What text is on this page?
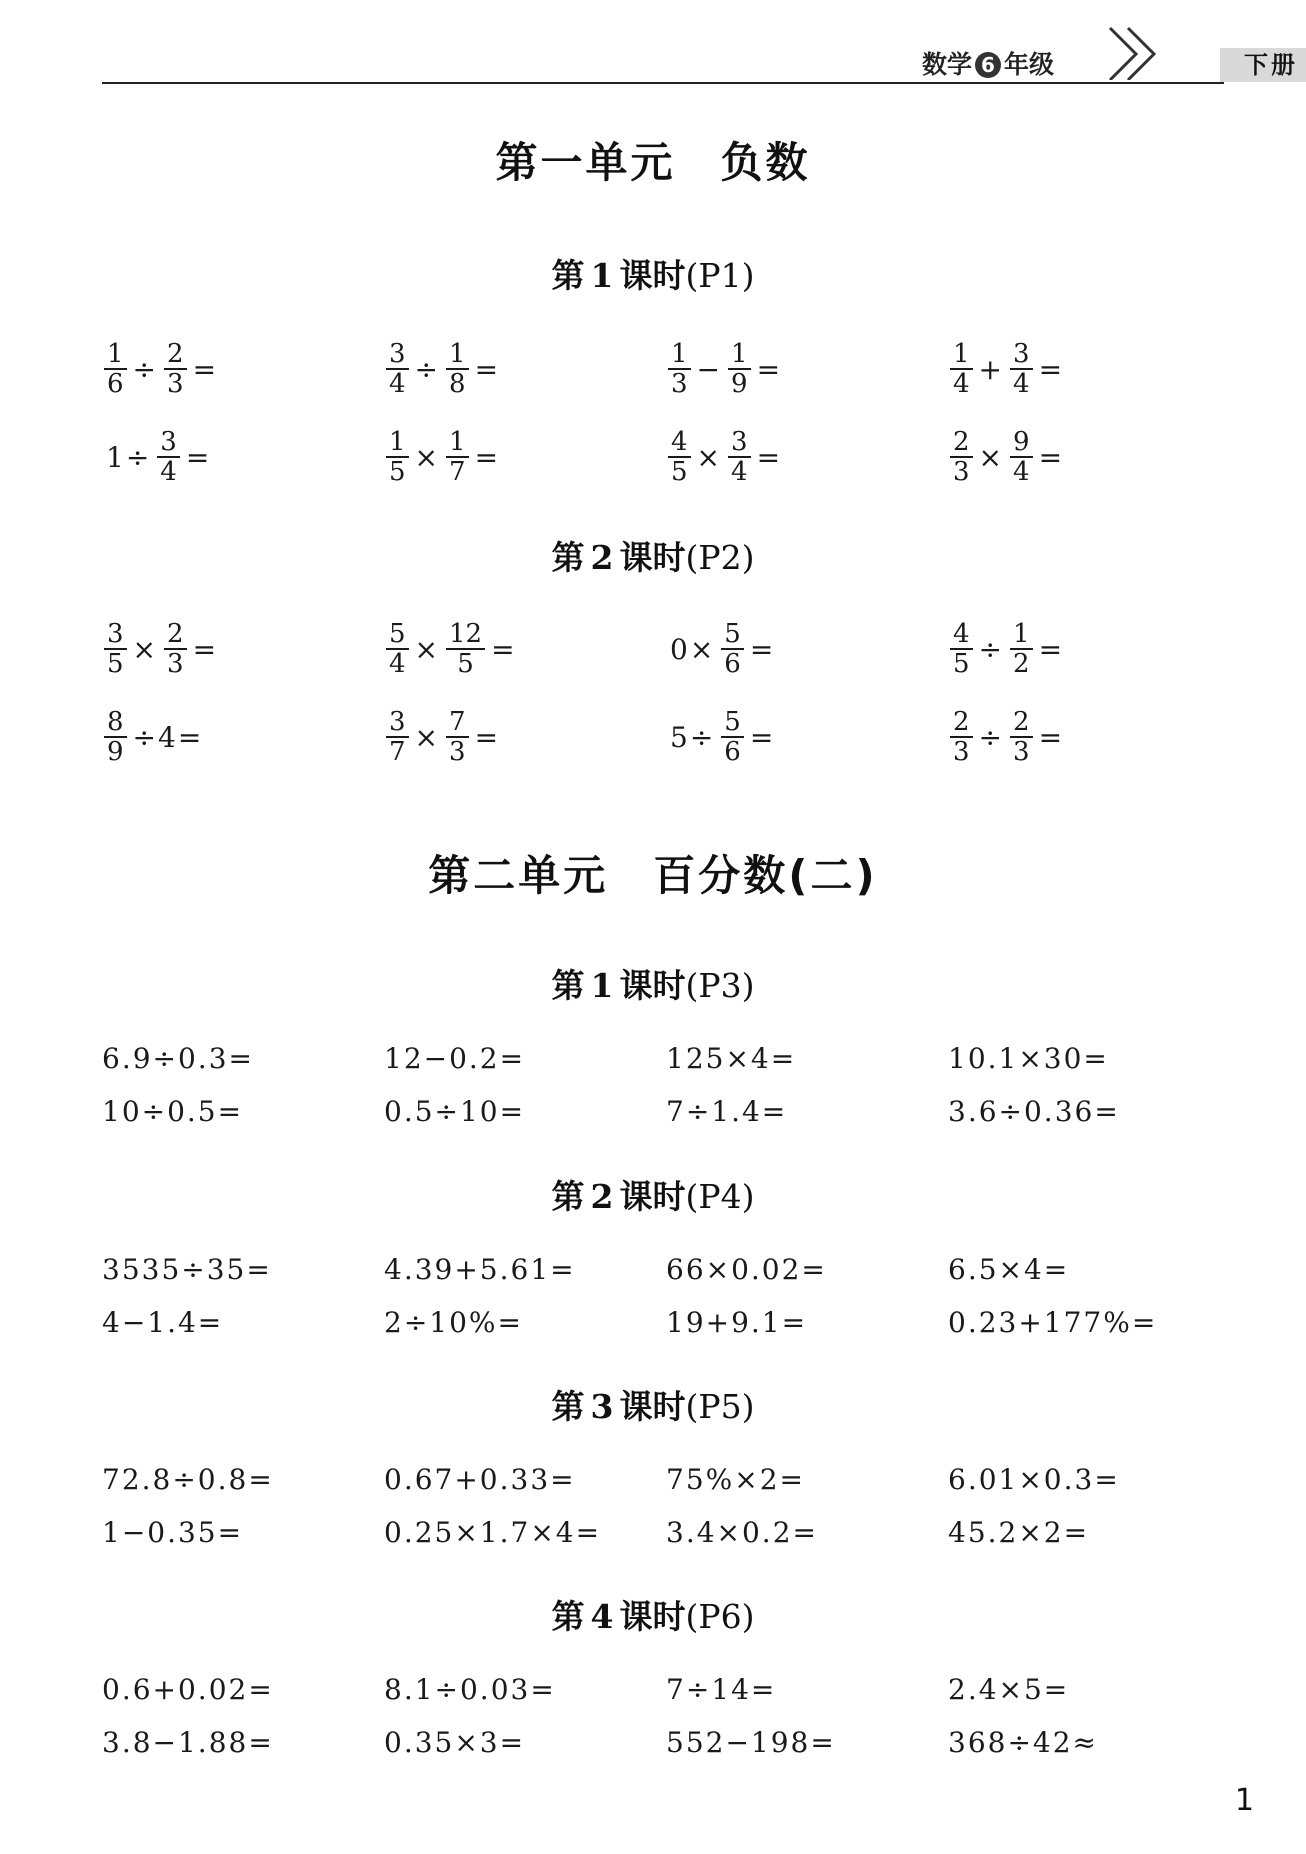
数学 6 年级	下册
第一单元　负数
第 1 课时(P1)
$\frac{1}{6} \div \frac{2}{3}$ =	$\frac{3}{4} \div \frac{1}{8}$ =	$\frac{1}{3} - \frac{1}{9}$ =	$\frac{1}{4} + \frac{3}{4}$ =
$1\div \frac{3}{4}$ =	$\frac{1}{5} \times \frac{1}{7}$ =	$\frac{4}{5} \times \frac{3}{4}$ =	$\frac{2}{3} \times \frac{9}{4}$ =
第 2 课时(P2)
$\frac{3}{5} \times \frac{2}{3}$ =	$\frac{5}{4} \times \frac{12}{5}$ =	$0\times \frac{5}{6}$ =	$\frac{4}{5} \div \frac{1}{2}$ =
$\frac{8}{9} \div 4=$	$\frac{3}{7} \times \frac{7}{3}$ =	$5\div \frac{5}{6}$ =	$\frac{2}{3} \div \frac{2}{3}$ =
第二单元　百分数(二)
第 1 课时(P3)
6.9÷0.3=	12−0.2=	125×4=	10.1×30=
10÷0.5=	0.5÷10=	7÷1.4=	3.6÷0.36=
第 2 课时(P4)
3535÷35=	4.39+5.61=	66×0.02=	6.5×4=
4−1.4=	2÷10%=	19+9.1=	0.23+177%=
第 3 课时(P5)
72.8÷0.8=	0.67+0.33=	75%×2=	6.01×0.3=
1−0.35=	0.25×1.7×4= 3.4×0.2=	45.2×2=
第 4 课时(P6)
0.6+0.02=	8.1÷0.03=	7÷14=	2.4×5=
3.8−1.88=	0.35×3=	552−198=	368÷42≈
1
